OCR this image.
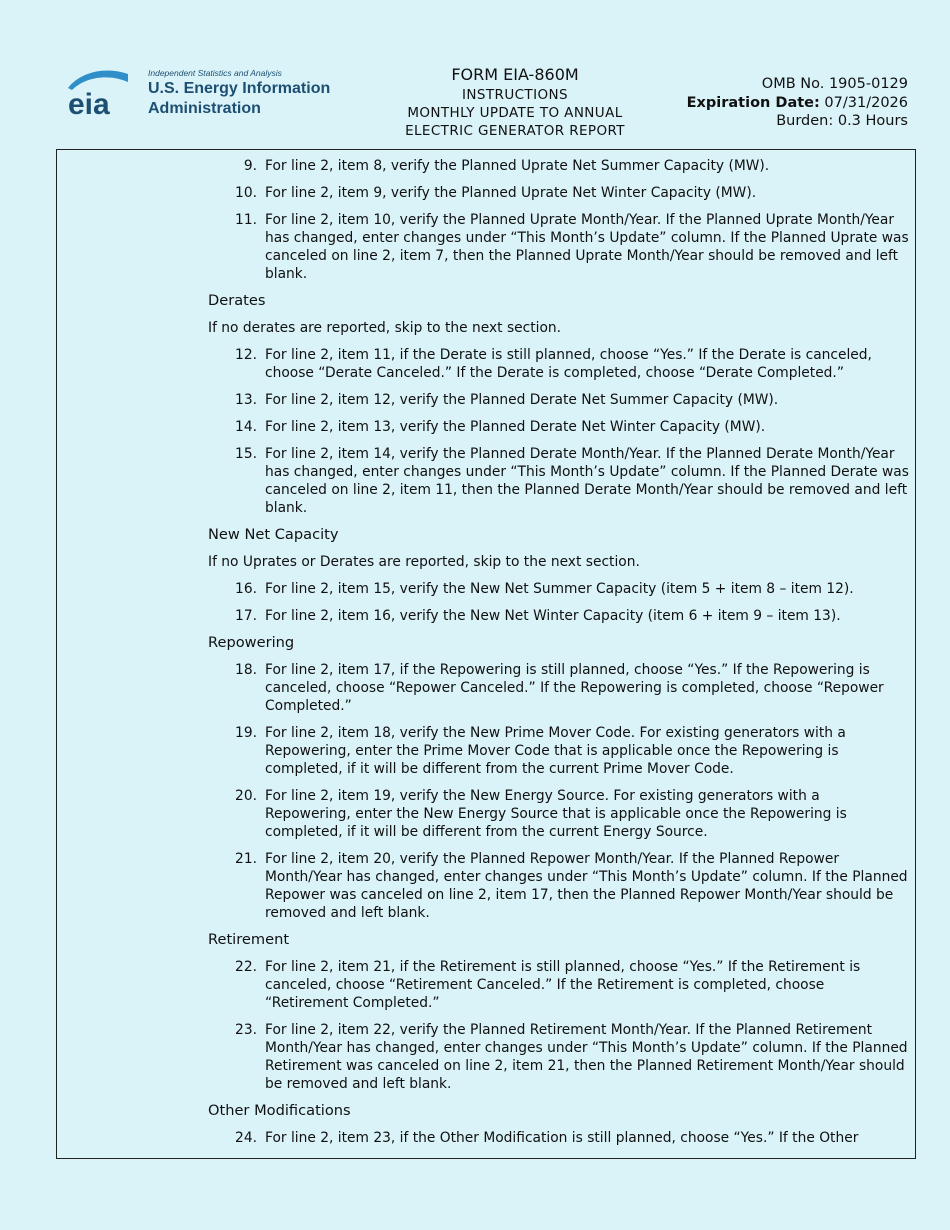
eia
Independent Statistics and Analysis
U.S. Energy Information
Administration
FORM EIA-860M
INSTRUCTIONS
MONTHLY UPDATE TO ANNUAL
ELECTRIC GENERATOR REPORT
OMB No. 1905-0129
Expiration Date: 07/31/2026
Burden: 0.3 Hours
9. For line 2, item 8, verify the Planned Uprate Net Summer Capacity (MW).
10. For line 2, item 9, verify the Planned Uprate Net Winter Capacity (MW).
11. For line 2, item 10, verify the Planned Uprate Month/Year. If the Planned Uprate Month/Year has changed, enter changes under “This Month’s Update” column. If the Planned Uprate was canceled on line 2, item 7, then the Planned Uprate Month/Year should be removed and left blank.
Derates
If no derates are reported, skip to the next section.
12. For line 2, item 11, if the Derate is still planned, choose “Yes.” If the Derate is canceled, choose “Derate Canceled.” If the Derate is completed, choose “Derate Completed.”
13. For line 2, item 12, verify the Planned Derate Net Summer Capacity (MW).
14. For line 2, item 13, verify the Planned Derate Net Winter Capacity (MW).
15. For line 2, item 14, verify the Planned Derate Month/Year. If the Planned Derate Month/Year has changed, enter changes under “This Month’s Update” column. If the Planned Derate was canceled on line 2, item 11, then the Planned Derate Month/Year should be removed and left blank.
New Net Capacity
If no Uprates or Derates are reported, skip to the next section.
16. For line 2, item 15, verify the New Net Summer Capacity (item 5 + item 8 – item 12).
17. For line 2, item 16, verify the New Net Winter Capacity (item 6 + item 9 – item 13).
Repowering
18. For line 2, item 17, if the Repowering is still planned, choose “Yes.” If the Repowering is canceled, choose “Repower Canceled.” If the Repowering is completed, choose “Repower Completed.”
19. For line 2, item 18, verify the New Prime Mover Code. For existing generators with a Repowering, enter the Prime Mover Code that is applicable once the Repowering is completed, if it will be different from the current Prime Mover Code.
20. For line 2, item 19, verify the New Energy Source. For existing generators with a Repowering, enter the New Energy Source that is applicable once the Repowering is completed, if it will be different from the current Energy Source.
21. For line 2, item 20, verify the Planned Repower Month/Year. If the Planned Repower Month/Year has changed, enter changes under “This Month’s Update” column. If the Planned Repower was canceled on line 2, item 17, then the Planned Repower Month/Year should be removed and left blank.
Retirement
22. For line 2, item 21, if the Retirement is still planned, choose “Yes.” If the Retirement is canceled, choose “Retirement Canceled.” If the Retirement is completed, choose “Retirement Completed.”
23. For line 2, item 22, verify the Planned Retirement Month/Year. If the Planned Retirement Month/Year has changed, enter changes under “This Month’s Update” column. If the Planned Retirement was canceled on line 2, item 21, then the Planned Retirement Month/Year should be removed and left blank.
Other Modifications
24. For line 2, item 23, if the Other Modification is still planned, choose “Yes.” If the Other
